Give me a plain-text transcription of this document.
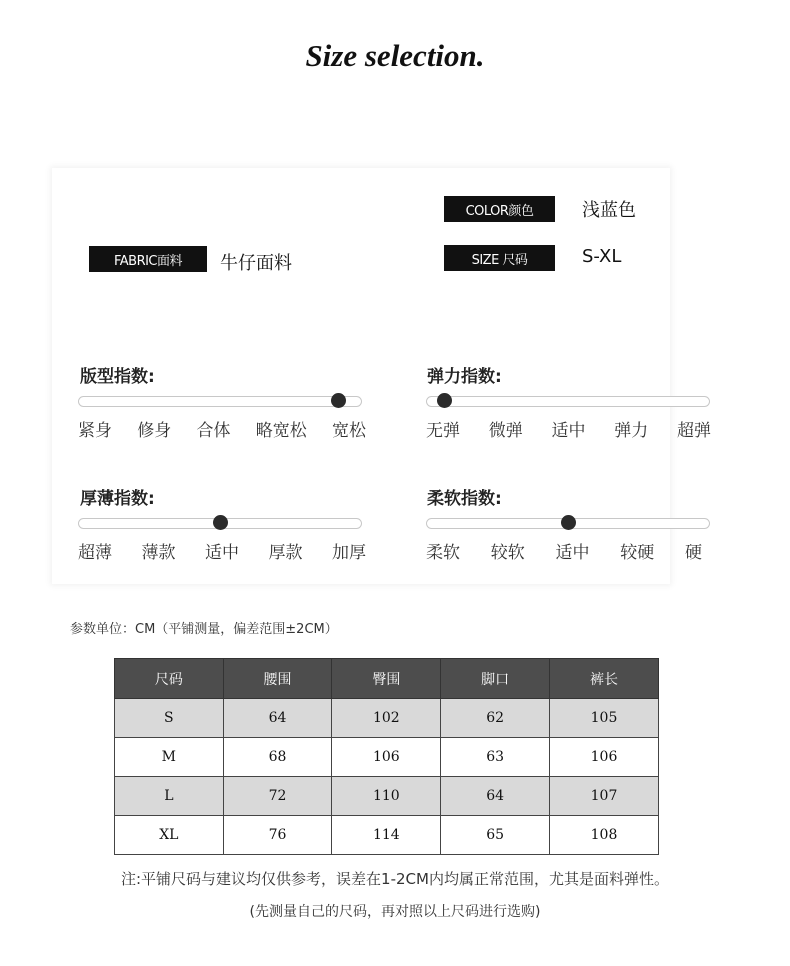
Size selection.
COLOR颜色	浅蓝色
FABRIC面料	牛仔面料	SIZE 尺码	S-XL
版型指数:
紧身 修身 合体 略宽松 宽松
弹力指数:
无弹 微弹 适中 弹力 超弹
厚薄指数:
超薄 薄款 适中 厚款 加厚
柔软指数:
柔软 较软 适中 较硬 硬
参数单位：CM（平铺测量，偏差范围±2CM）
尺码	腰围	臀围	脚口	裤长
S	64	102	62	105
M	68	106	63	106
L	72	110	64	107
XL	76	114	65	108
注:平铺尺码与建议均仅供参考，误差在1-2CM内均属正常范围，尤其是面料弹性。
(先测量自己的尺码，再对照以上尺码进行选购)
